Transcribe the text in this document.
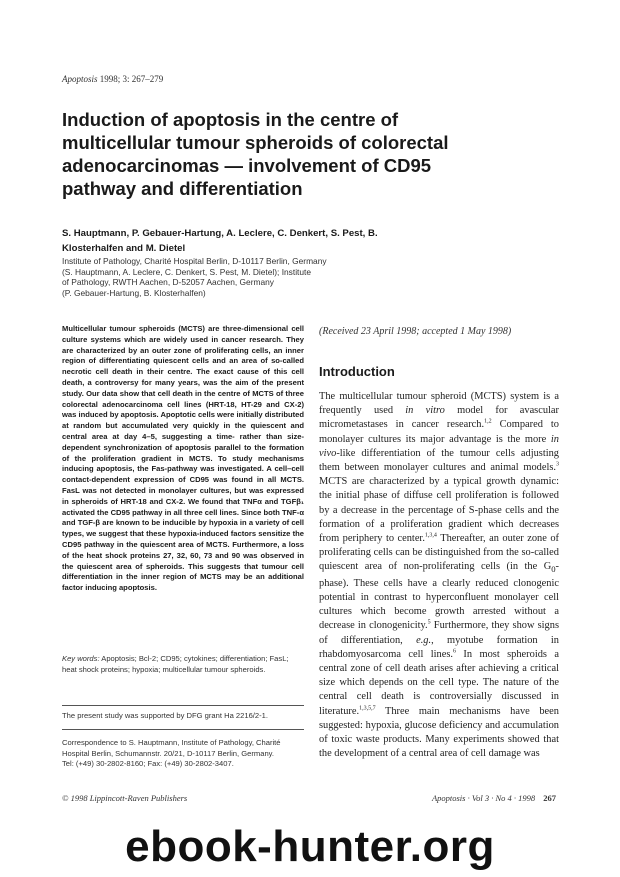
Apoptosis 1998; 3: 267–279
Induction of apoptosis in the centre of multicellular tumour spheroids of colorectal adenocarcinomas — involvement of CD95 pathway and differentiation
S. Hauptmann, P. Gebauer-Hartung, A. Leclere, C. Denkert, S. Pest, B. Klosterhalfen and M. Dietel
Institute of Pathology, Charité Hospital Berlin, D-10117 Berlin, Germany
(S. Hauptmann, A. Leclere, C. Denkert, S. Pest, M. Dietel); Institute
of Pathology, RWTH Aachen, D-52057 Aachen, Germany
(P. Gebauer-Hartung, B. Klosterhalfen)

Multicellular tumour spheroids (MCTS) are three-dimensional cell culture systems which are widely used in cancer research. They are characterized by an outer zone of proliferating cells, an inner region of differentiating quiescent cells and an area of so-called necrotic cell death in their centre. The exact cause of this cell death, a controversy for many years, was the aim of the present study. Our data show that cell death in the centre of MCTS of three colorectal adenocarcinoma cell lines (HRT-18, HT-29 and CX-2) was induced by apoptosis. Apoptotic cells were initially distributed at random but accumulated very quickly in the quiescent and central area at day 4–5, suggesting a time- rather than size-dependent synchronization of apoptosis parallel to the formation of the proliferation gradient in MCTS. To study mechanisms inducing apoptosis, the Fas-pathway was investigated. A cell–cell contact-dependent expression of CD95 was found in all MCTS. FasL was not detected in monolayer cultures, but was expressed in spheroids of HRT-18 and CX-2. We found that TNFα and TGFβ₁ activated the CD95 pathway in all three cell lines. Since both TNF-α and TGF-β are known to be inducible by hypoxia in a variety of cell types, we suggest that these hypoxia-induced factors sensitize the CD95 pathway in the quiescent area of MCTS. Furthermore, a loss of the heat shock proteins 27, 32, 60, 73 and 90 was observed in the quiescent area of spheroids. This suggests that tumour cell differentiation in the inner region of MCTS may be an additional factor inducing apoptosis.

Key words: Apoptosis; Bcl-2; CD95; cytokines; differentiation; FasL; heat shock proteins; hypoxia; multicellular tumour spheroids.

The present study was supported by DFG grant Ha 2216/2-1.
Correspondence to S. Hauptmann, Institute of Pathology, Charité
Hospital Berlin, Schumannstr. 20/21, D-10117 Berlin, Germany.
Tel: (+49) 30-2802-8160; Fax: (+49) 30-2802-3407.
(Received 23 April 1998; accepted 1 May 1998)
Introduction

The multicellular tumour spheroid (MCTS) system is a frequently used in vitro model for avascular micrometastases in cancer research.$^{1,2}$ Compared to monolayer cultures its major advantage is the more in vivo-like differentiation of the tumour cells adjusting them between monolayer cultures and animal models.$^3$ MCTS are characterized by a typical growth dynamic: the initial phase of diffuse cell proliferation is followed by a decrease in the percentage of S-phase cells and the formation of a proliferation gradient which decreases from periphery to center.$^{1,3,4}$ Thereafter, an outer zone of proliferating cells can be distinguished from the so-called quiescent area of non-proliferating cells (in the $G_0-phase$). These cells have a clearly reduced clonogenic potential in contrast to hyperconfluent monolayer cell cultures which become growth arrested without a decrease in clonogenicity.$^5$ Furthermore, they show signs of differentiation, e.g., myotube formation in rhabdomyosarcoma cell lines.$^6$ In most spheroids a central zone of cell death arises after achieving a critical size which depends on the cell type. The nature of the central cell death is controversially discussed in literature.$^{1,3,5,7}$ Three main mechanisms have been suggested: hypoxia, glucose deficiency and accumulation of toxic waste products. Many experiments showed that the development of a central area of cell damage was

© 1998 Lippincott-Raven Publishers	Apoptosis · Vol 3 · No 4 · 1998 267
ebook-hunter.org
